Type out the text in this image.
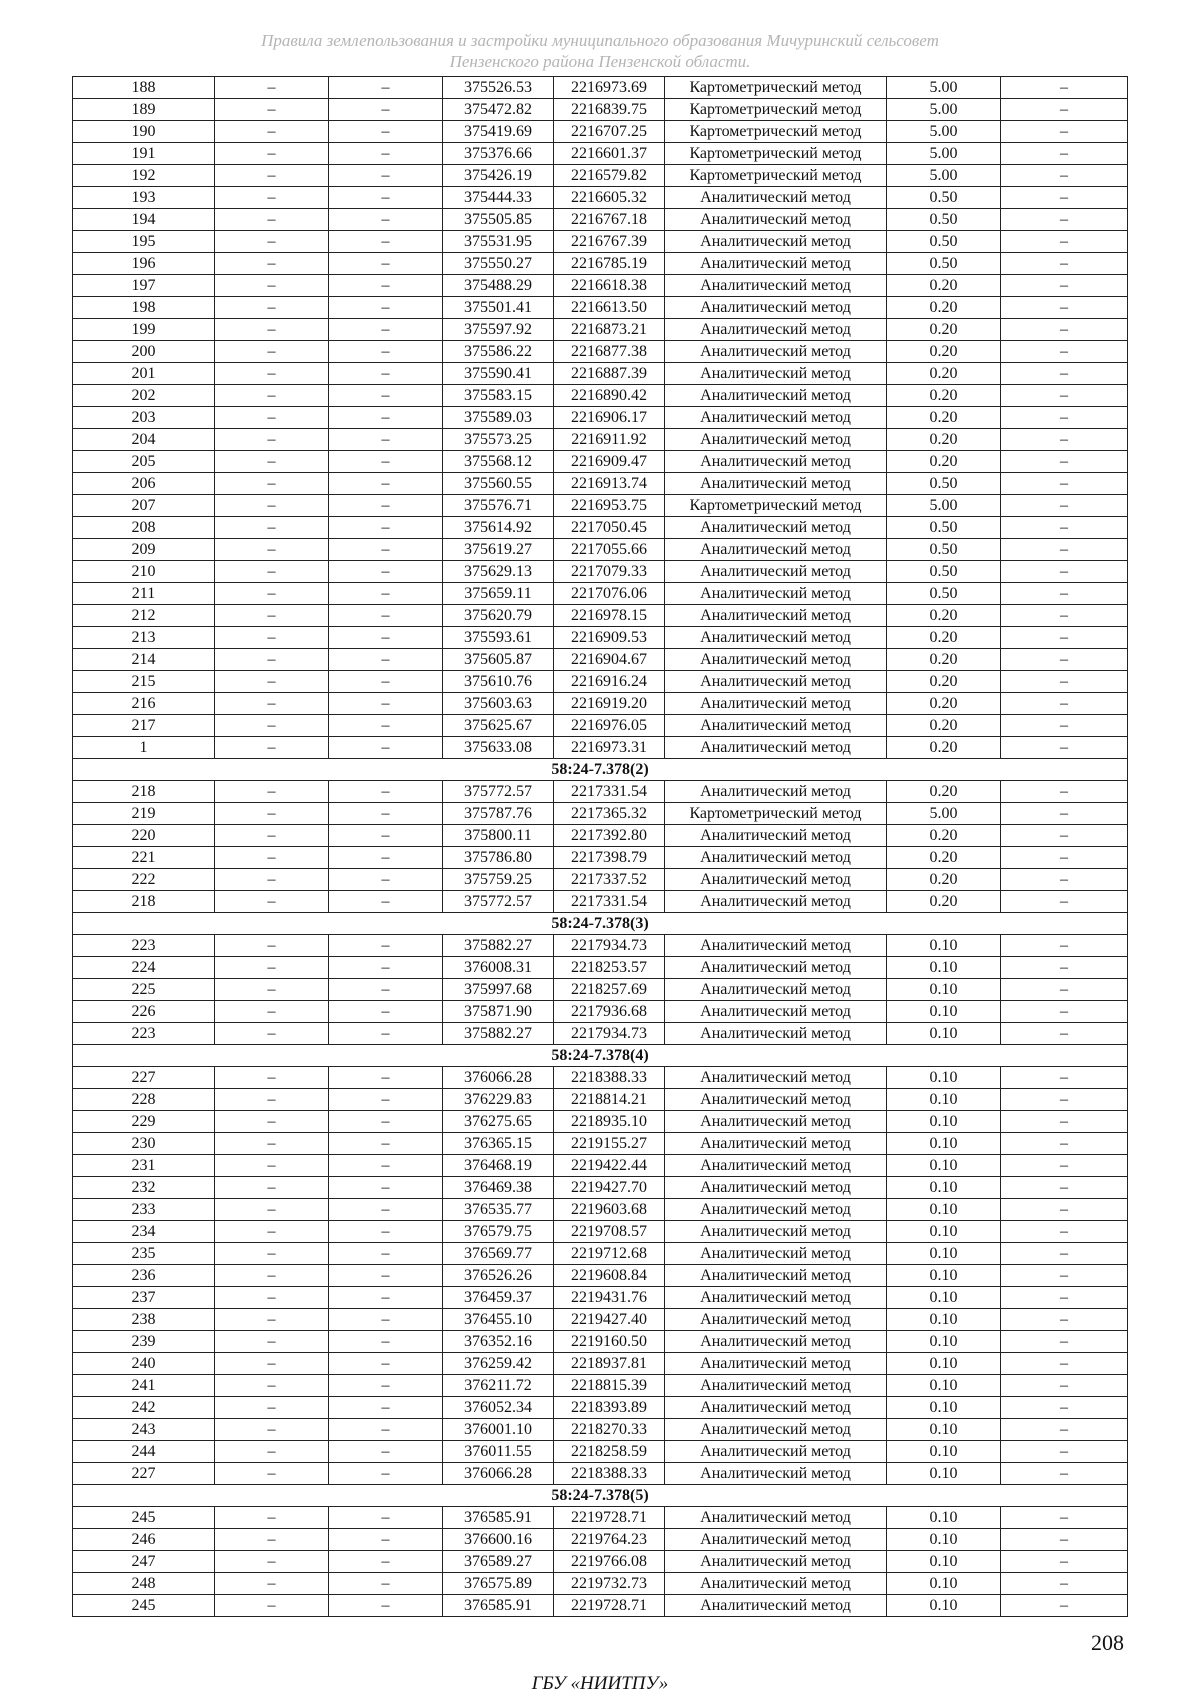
Правила землепользования и застройки муниципального образования Мичуринский сельсовет
Пензенского района Пензенской области.
188	–	–	375526.53	2216973.69	Картометрический метод	5.00	–
189	–	–	375472.82	2216839.75	Картометрический метод	5.00	–
190	–	–	375419.69	2216707.25	Картометрический метод	5.00	–
191	–	–	375376.66	2216601.37	Картометрический метод	5.00	–
192	–	–	375426.19	2216579.82	Картометрический метод	5.00	–
193	–	–	375444.33	2216605.32	Аналитический метод	0.50	–
194	–	–	375505.85	2216767.18	Аналитический метод	0.50	–
195	–	–	375531.95	2216767.39	Аналитический метод	0.50	–
196	–	–	375550.27	2216785.19	Аналитический метод	0.50	–
197	–	–	375488.29	2216618.38	Аналитический метод	0.20	–
198	–	–	375501.41	2216613.50	Аналитический метод	0.20	–
199	–	–	375597.92	2216873.21	Аналитический метод	0.20	–
200	–	–	375586.22	2216877.38	Аналитический метод	0.20	–
201	–	–	375590.41	2216887.39	Аналитический метод	0.20	–
202	–	–	375583.15	2216890.42	Аналитический метод	0.20	–
203	–	–	375589.03	2216906.17	Аналитический метод	0.20	–
204	–	–	375573.25	2216911.92	Аналитический метод	0.20	–
205	–	–	375568.12	2216909.47	Аналитический метод	0.20	–
206	–	–	375560.55	2216913.74	Аналитический метод	0.50	–
207	–	–	375576.71	2216953.75	Картометрический метод	5.00	–
208	–	–	375614.92	2217050.45	Аналитический метод	0.50	–
209	–	–	375619.27	2217055.66	Аналитический метод	0.50	–
210	–	–	375629.13	2217079.33	Аналитический метод	0.50	–
211	–	–	375659.11	2217076.06	Аналитический метод	0.50	–
212	–	–	375620.79	2216978.15	Аналитический метод	0.20	–
213	–	–	375593.61	2216909.53	Аналитический метод	0.20	–
214	–	–	375605.87	2216904.67	Аналитический метод	0.20	–
215	–	–	375610.76	2216916.24	Аналитический метод	0.20	–
216	–	–	375603.63	2216919.20	Аналитический метод	0.20	–
217	–	–	375625.67	2216976.05	Аналитический метод	0.20	–
1	–	–	375633.08	2216973.31	Аналитический метод	0.20	–
58:24-7.378(2)							
218	–	–	375772.57	2217331.54	Аналитический метод	0.20	–
219	–	–	375787.76	2217365.32	Картометрический метод	5.00	–
220	–	–	375800.11	2217392.80	Аналитический метод	0.20	–
221	–	–	375786.80	2217398.79	Аналитический метод	0.20	–
222	–	–	375759.25	2217337.52	Аналитический метод	0.20	–
218	–	–	375772.57	2217331.54	Аналитический метод	0.20	–
58:24-7.378(3)							
223	–	–	375882.27	2217934.73	Аналитический метод	0.10	–
224	–	–	376008.31	2218253.57	Аналитический метод	0.10	–
225	–	–	375997.68	2218257.69	Аналитический метод	0.10	–
226	–	–	375871.90	2217936.68	Аналитический метод	0.10	–
223	–	–	375882.27	2217934.73	Аналитический метод	0.10	–
58:24-7.378(4)							
227	–	–	376066.28	2218388.33	Аналитический метод	0.10	–
228	–	–	376229.83	2218814.21	Аналитический метод	0.10	–
229	–	–	376275.65	2218935.10	Аналитический метод	0.10	–
230	–	–	376365.15	2219155.27	Аналитический метод	0.10	–
231	–	–	376468.19	2219422.44	Аналитический метод	0.10	–
232	–	–	376469.38	2219427.70	Аналитический метод	0.10	–
233	–	–	376535.77	2219603.68	Аналитический метод	0.10	–
234	–	–	376579.75	2219708.57	Аналитический метод	0.10	–
235	–	–	376569.77	2219712.68	Аналитический метод	0.10	–
236	–	–	376526.26	2219608.84	Аналитический метод	0.10	–
237	–	–	376459.37	2219431.76	Аналитический метод	0.10	–
238	–	–	376455.10	2219427.40	Аналитический метод	0.10	–
239	–	–	376352.16	2219160.50	Аналитический метод	0.10	–
240	–	–	376259.42	2218937.81	Аналитический метод	0.10	–
241	–	–	376211.72	2218815.39	Аналитический метод	0.10	–
242	–	–	376052.34	2218393.89	Аналитический метод	0.10	–
243	–	–	376001.10	2218270.33	Аналитический метод	0.10	–
244	–	–	376011.55	2218258.59	Аналитический метод	0.10	–
227	–	–	376066.28	2218388.33	Аналитический метод	0.10	–
58:24-7.378(5)							
245	–	–	376585.91	2219728.71	Аналитический метод	0.10	–
246	–	–	376600.16	2219764.23	Аналитический метод	0.10	–
247	–	–	376589.27	2219766.08	Аналитический метод	0.10	–
248	–	–	376575.89	2219732.73	Аналитический метод	0.10	–
245	–	–	376585.91	2219728.71	Аналитический метод	0.10	–
208
ГБУ «НИИТПУ»
